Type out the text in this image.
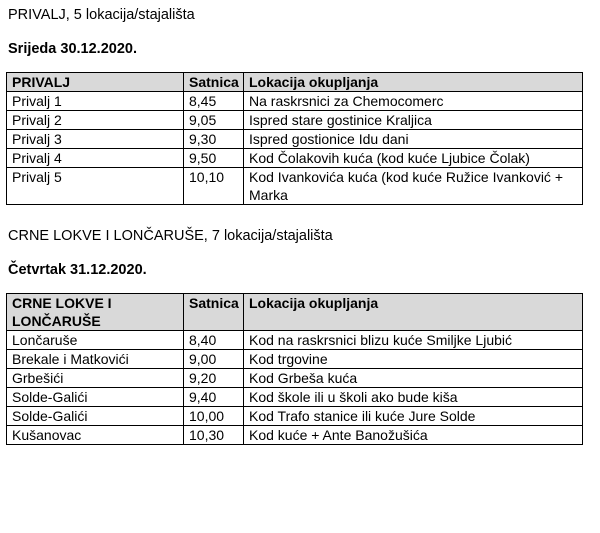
PRIVALJ, 5 lokacija/stajališta
Srijeda 30.12.2020.
PRIVALJ	Satnica	Lokacija okupljanja
Privalj 1	8,45	Na raskrsnici za Chemocomerc
Privalj 2	9,05	Ispred stare gostinice Kraljica
Privalj 3	9,30	Ispred gostionice Idu dani
Privalj 4	9,50	Kod Čolakovih kuća (kod kuće Ljubice Čolak)
Privalj 5	10,10	Kod Ivankovića kuća (kod kuće Ružice Ivanković + Marka
CRNE LOKVE I LONČARUŠE, 7 lokacija/stajališta
Četvrtak 31.12.2020.
CRNE LOKVE I LONČARUŠE	Satnica	Lokacija okupljanja
Lončaruše	8,40	Kod na raskrsnici blizu kuće Smiljke Ljubić
Brekale i Matkovići	9,00	Kod trgovine
Grbešići	9,20	Kod Grbeša kuća
Solde-Galići	9,40	Kod škole ili u školi ako bude kiša
Solde-Galići	10,00	Kod Trafo stanice ili kuće Jure Solde
Kušanovac	10,30	Kod kuće + Ante Banožušića
